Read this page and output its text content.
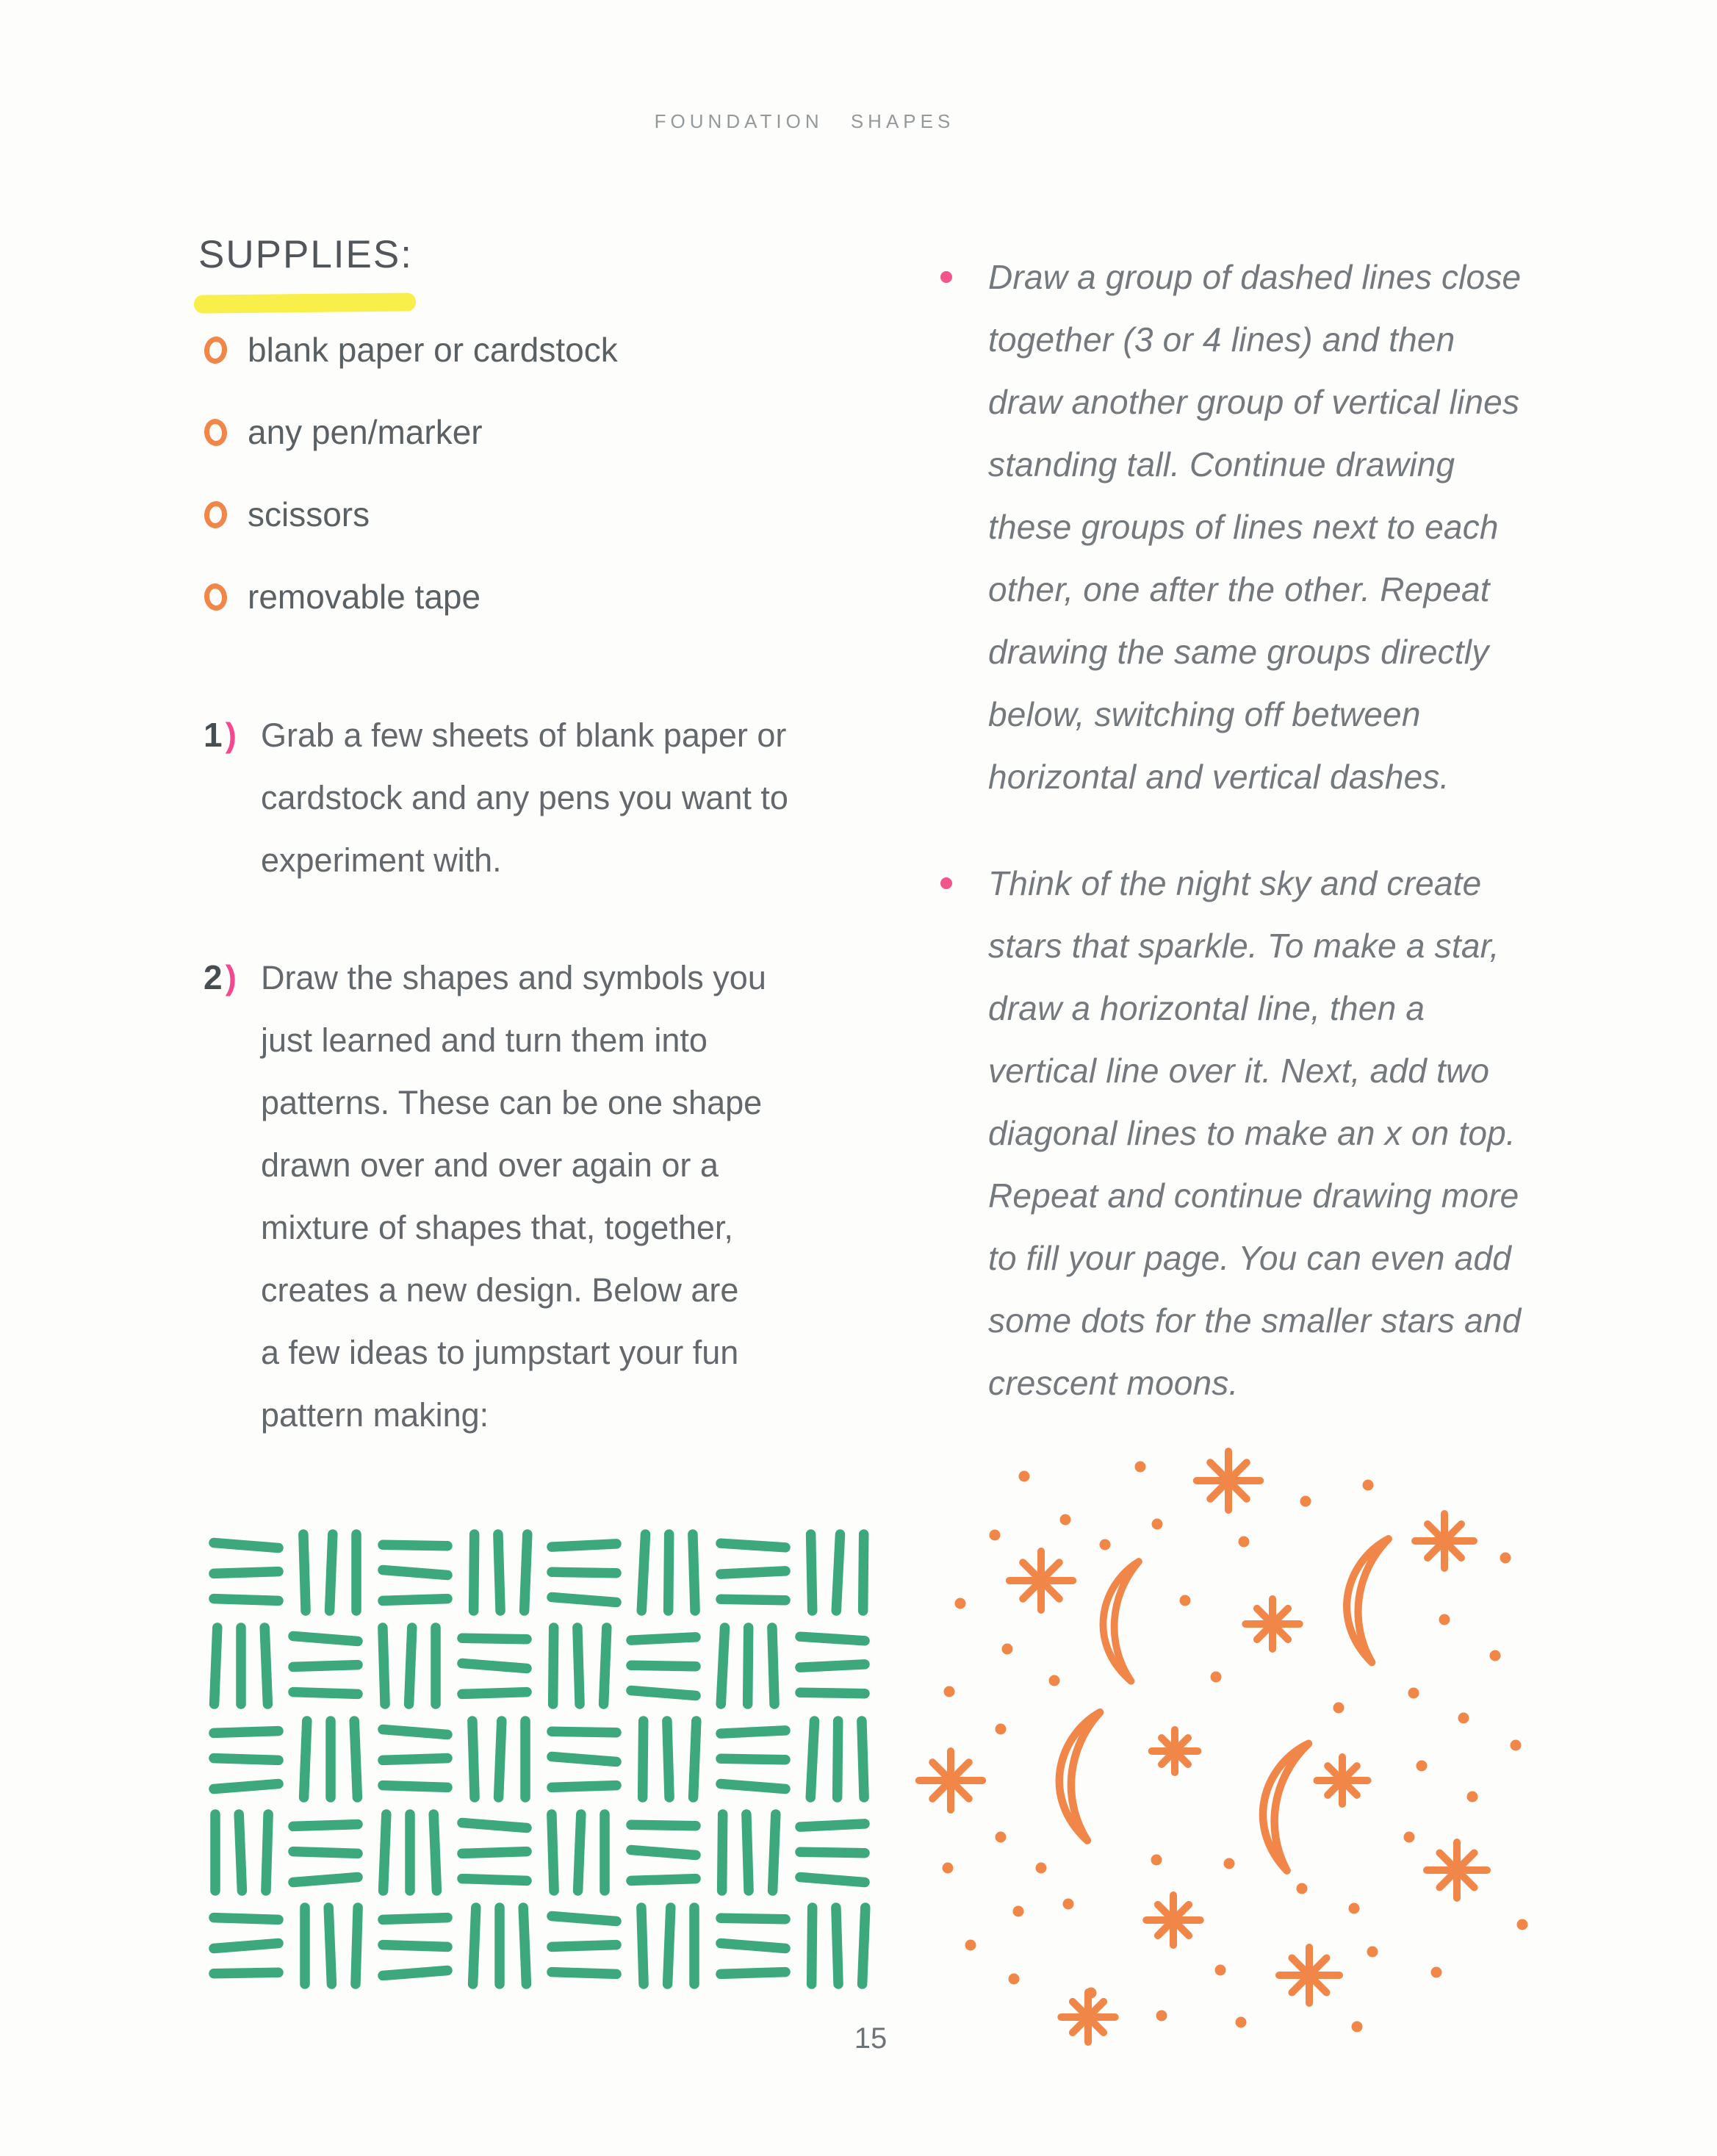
FOUNDATION SHAPES
SUPPLIES:
blank paper or cardstock
any pen/marker
scissors
removable tape
1) Grab a few sheets of blank paper or
cardstock and any pens you want to
experiment with.
2) Draw the shapes and symbols you
just learned and turn them into
patterns. These can be one shape
drawn over and over again or a
mixture of shapes that, together,
creates a new design. Below are
a few ideas to jumpstart your fun
pattern making:
Draw a group of dashed lines close
together (3 or 4 lines) and then
draw another group of vertical lines
standing tall. Continue drawing
these groups of lines next to each
other, one after the other. Repeat
drawing the same groups directly
below, switching off between
horizontal and vertical dashes.
Think of the night sky and create
stars that sparkle. To make a star,
draw a horizontal line, then a
vertical line over it. Next, add two
diagonal lines to make an x on top.
Repeat and continue drawing more
to fill your page. You can even add
some dots for the smaller stars and
crescent moons.
15
